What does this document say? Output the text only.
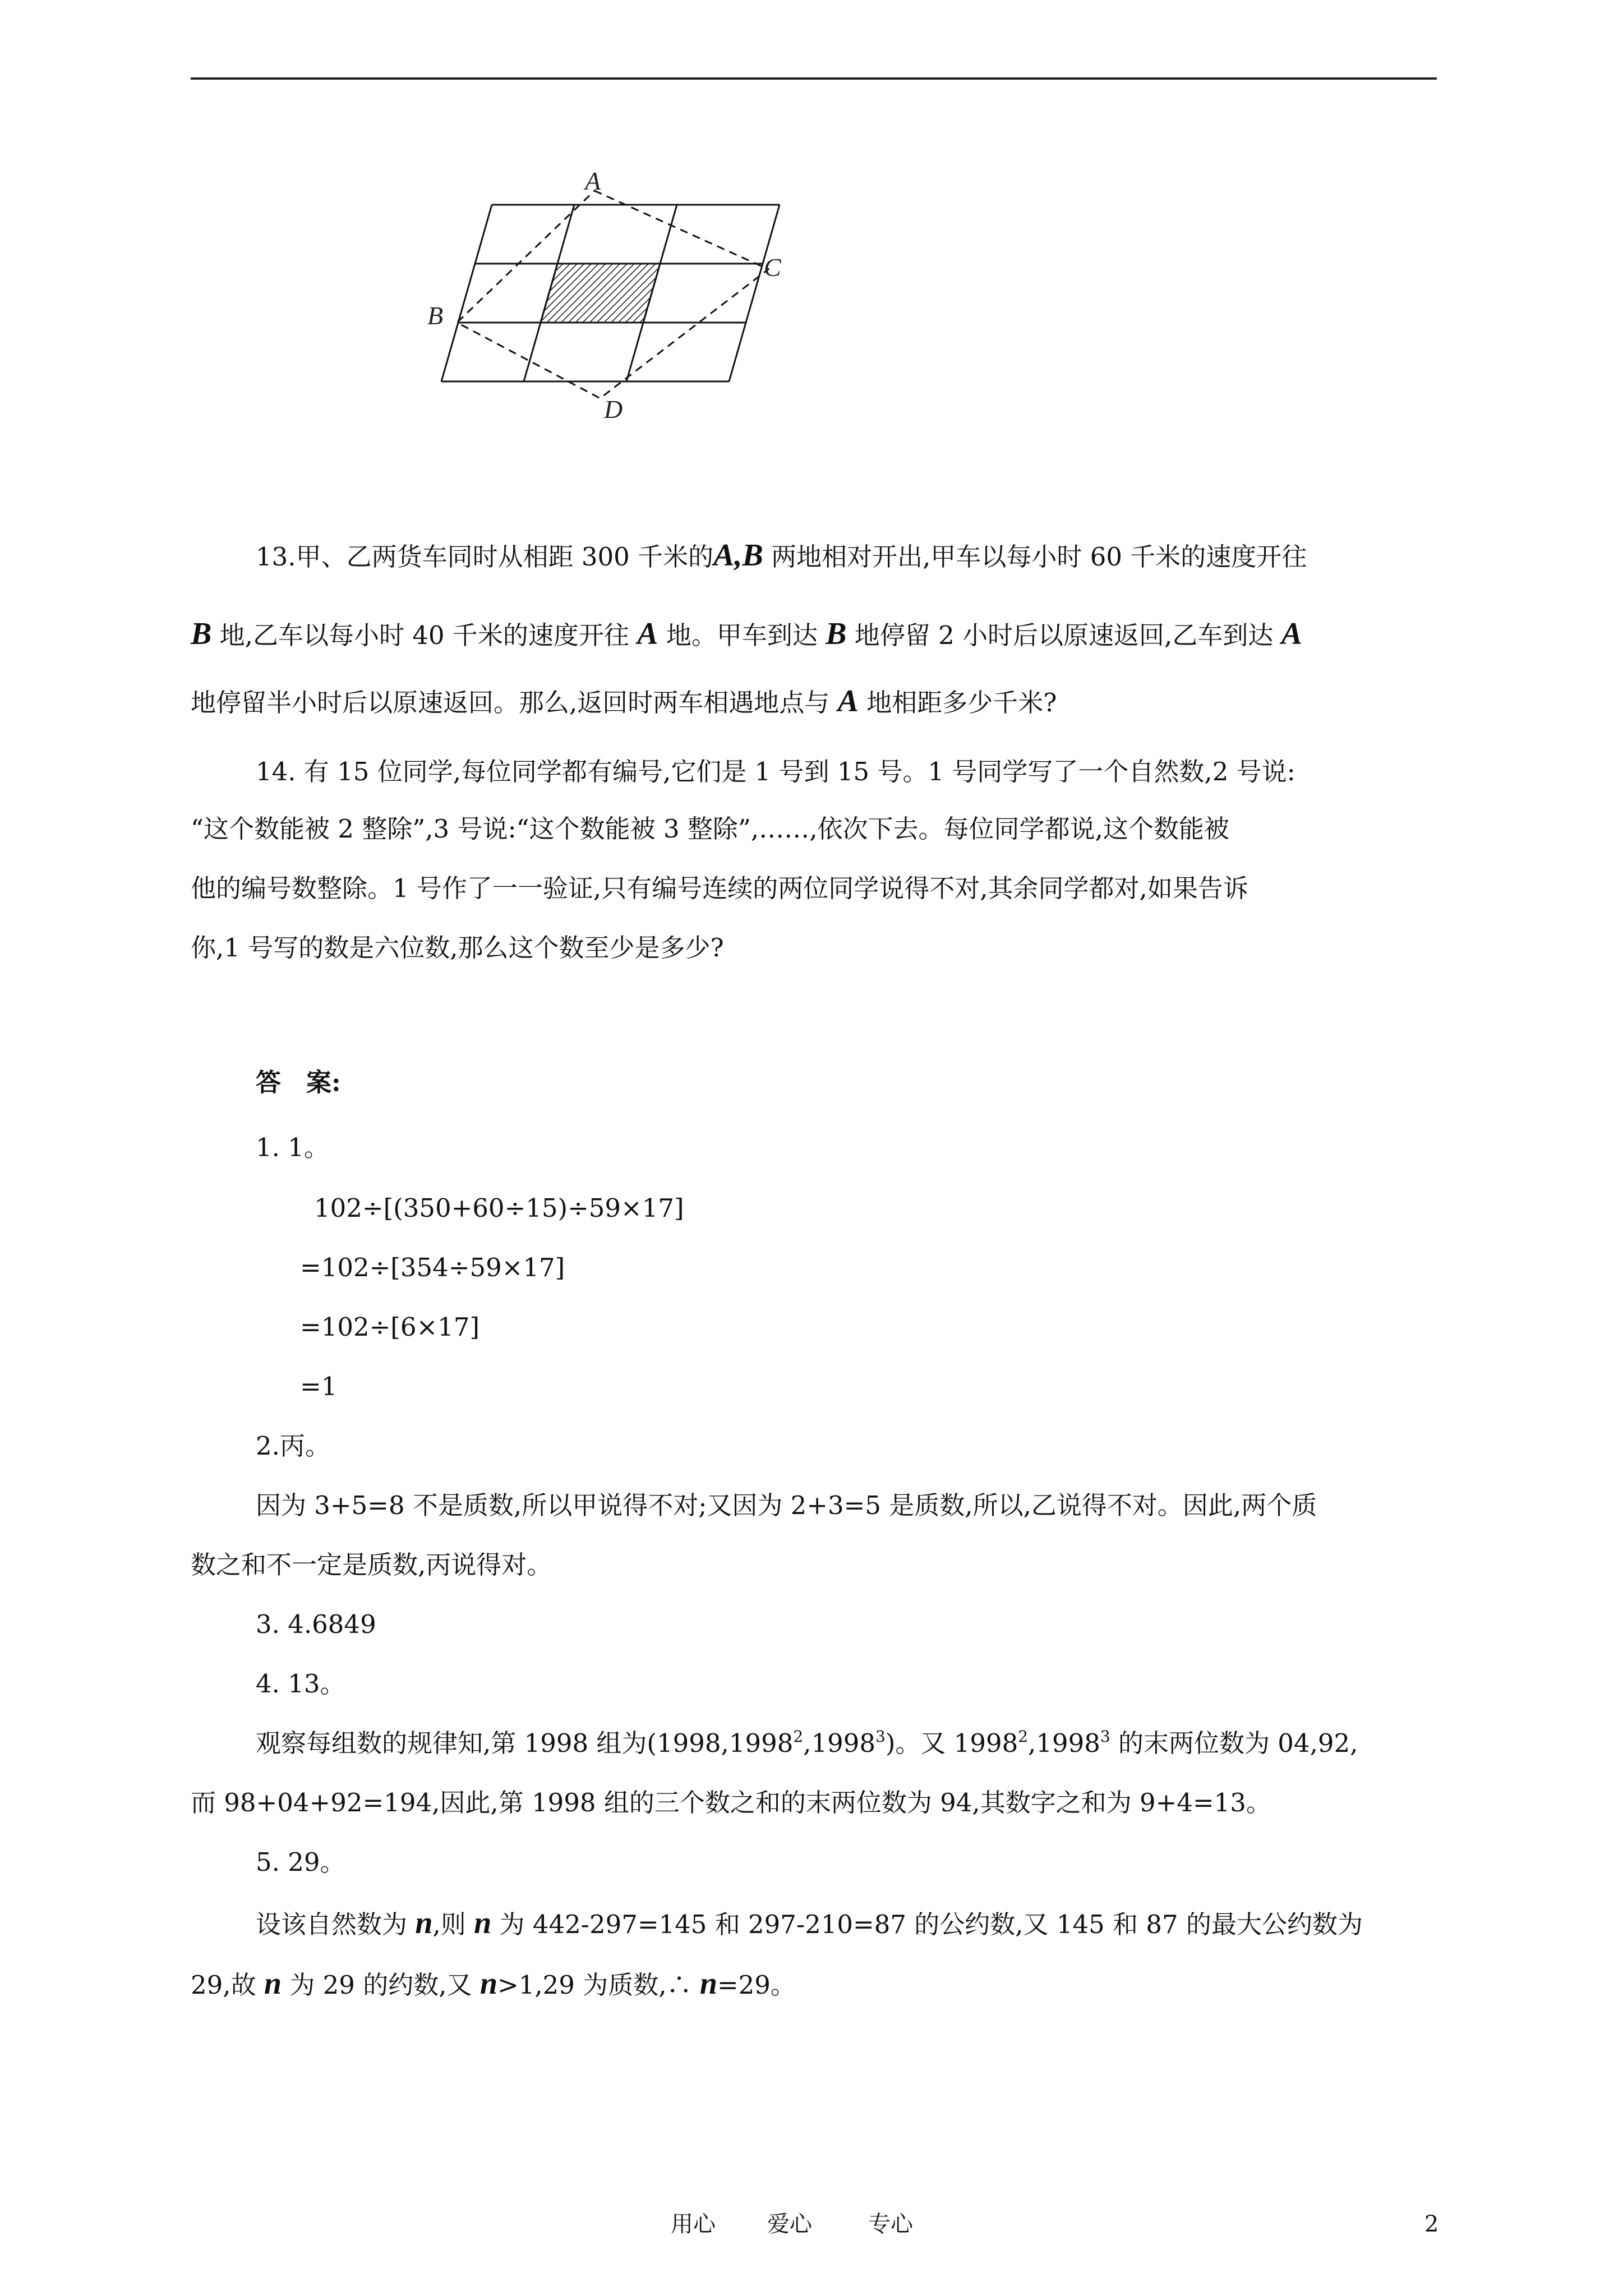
A
B
C
D
13.甲、乙两货车同时从相距 300 千米的A,B 两地相对开出,甲车以每小时 60 千米的速度开往
B 地,乙车以每小时 40 千米的速度开往 A 地。甲车到达 B 地停留 2 小时后以原速返回,乙车到达 A
地停留半小时后以原速返回。那么,返回时两车相遇地点与 A 地相距多少千米?
14. 有 15 位同学,每位同学都有编号,它们是 1 号到 15 号。1 号同学写了一个自然数,2 号说:
“这个数能被 2 整除”,3 号说:“这个数能被 3 整除”,……,依次下去。每位同学都说,这个数能被
他的编号数整除。1 号作了一一验证,只有编号连续的两位同学说得不对,其余同学都对,如果告诉
你,1 号写的数是六位数,那么这个数至少是多少?
答　案:
1. 1。
102÷[(350+60÷15)÷59×17]
=102÷[354÷59×17]
=102÷[6×17]
=1
2.丙。
因为 3+5=8 不是质数,所以甲说得不对;又因为 2+3=5 是质数,所以,乙说得不对。因此,两个质
数之和不一定是质数,丙说得对。
3. 4.6849
4. 13。
观察每组数的规律知,第 1998 组为(1998,1998$^2$,1998$^3$)。又 1998$^2$,1998$^3$ 的末两位数为 04,92,
而 98+04+92=194,因此,第 1998 组的三个数之和的末两位数为 94,其数字之和为 9+4=13。
5. 29。
设该自然数为 n,则 n 为 442-297=145 和 297-210=87 的公约数,又 145 和 87 的最大公约数为
29,故 n 为 29 的约数,又 n>1,29 为质数,∴ n=29。
用心 爱心	专心	2
